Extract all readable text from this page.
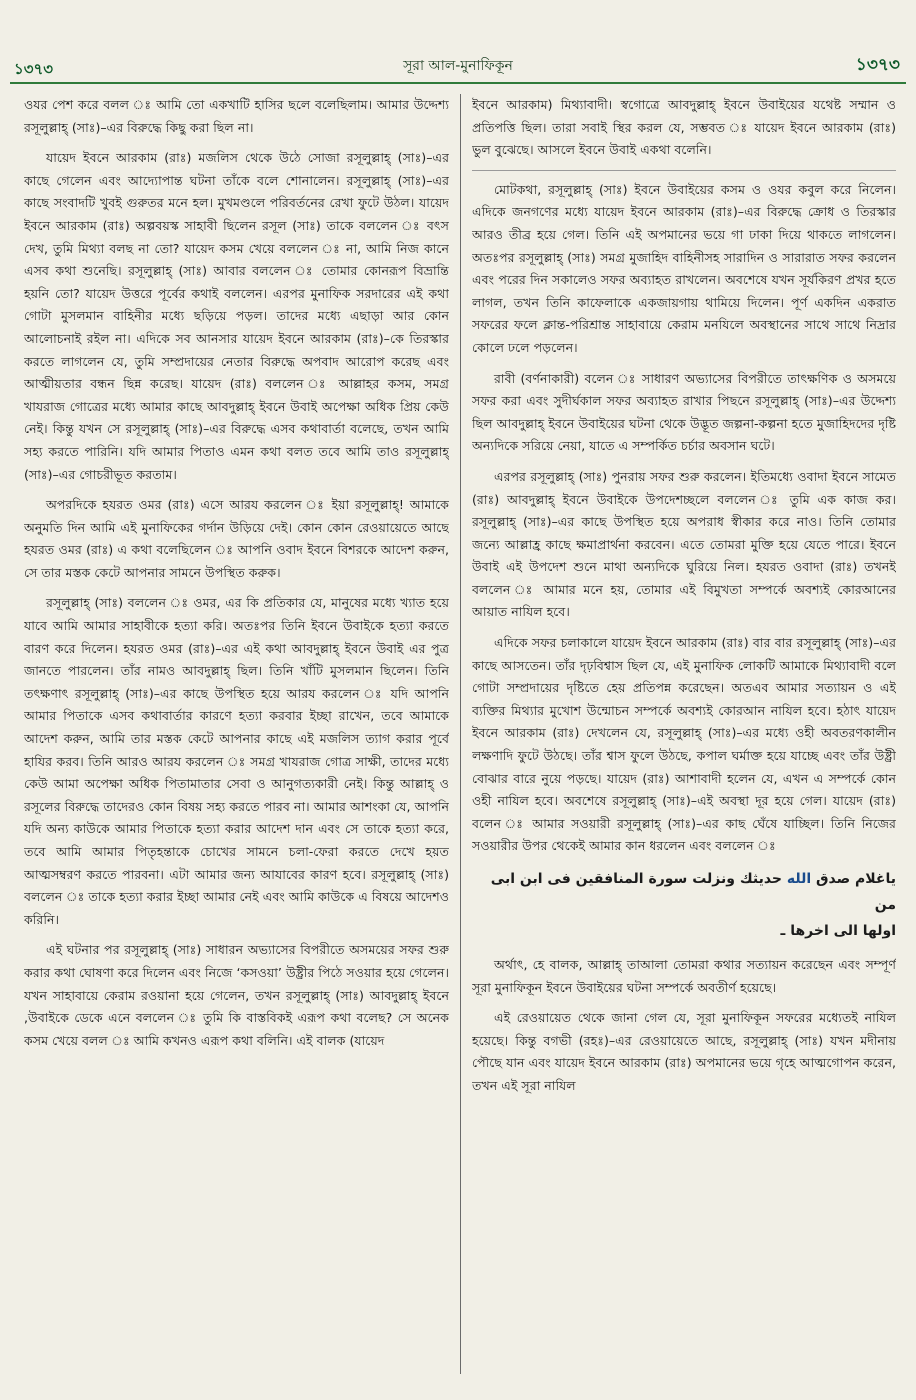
১৩৭৩	সূরা আল-মুনাফিকূন	১৩৭৩

ওযর পেশ করে বলল ঃ আমি তো একখাটি হাসির ছলে বলেছিলাম। আমার উদ্দেশ্য রসূলুল্লাহ্ (সাঃ)–এর বিরুদ্ধে কিছু করা ছিল না।

যায়েদ ইবনে আরকাম (রাঃ) মজলিস থেকে উঠে সোজা রসূলুল্লাহ্ (সাঃ)–এর কাছে গেলেন এবং আদ্যোপান্ত ঘটনা তাঁকে বলে শোনালেন। রসূলুল্লাহ্ (সাঃ)–এর কাছে সংবাদটি খুবই গুরুতর মনে হল। মুখমণ্ডলে পরিবর্তনের রেখা ফুটে উঠল। যায়েদ ইবনে আরকাম (রাঃ) অল্পবয়স্ক সাহাবী ছিলেন রসূল (সাঃ) তাকে বললেন ঃ বৎস দেখ, তুমি মিথ্যা বলছ না তো? যায়েদ কসম খেয়ে বললেন ঃ না, আমি নিজ কানে এসব কথা শুনেছি। রসূলুল্লাহ্ (সাঃ) আবার বললেন ঃ তোমার কোনরূপ বিভ্রান্তি হয়নি তো? যায়েদ উত্তরে পূর্বের কথাই বললেন। এরপর মুনাফিক সরদারের এই কথা গোটা মুসলমান বাহিনীর মধ্যে ছড়িয়ে পড়ল। তাদের মধ্যে এছাড়া আর কোন আলোচনাই রইল না। এদিকে সব আনসার যায়েদ ইবনে আরকাম (রাঃ)–কে তিরস্কার করতে লাগলেন যে, তুমি সম্প্রদায়ের নেতার বিরুদ্ধে অপবাদ আরোপ করেছ এবং আত্মীয়তার বন্ধন ছিন্ন করেছ। যায়েদ (রাঃ) বললেন ঃ আল্লাহর কসম, সমগ্র খাযরাজ গোত্রের মধ্যে আমার কাছে আবদুল্লাহ্ ইবনে উবাই অপেক্ষা অধিক প্রিয় কেউ নেই। কিন্তু যখন সে রসূলুল্লাহ্ (সাঃ)–এর বিরুদ্ধে এসব কথাবার্তা বলেছে, তখন আমি সহ্য করতে পারিনি। যদি আমার পিতাও এমন কথা বলত তবে আমি তাও রসূলুল্লাহ্ (সাঃ)–এর গোচরীভূত করতাম।

অপরদিকে হযরত ওমর (রাঃ) এসে আরয করলেন ঃ ইয়া রসূলুল্লাহ্! আমাকে অনুমতি দিন আমি এই মুনাফিকের গর্দান উড়িয়ে দেই। কোন কোন রেওয়ায়েতে আছে হযরত ওমর (রাঃ) এ কথা বলেছিলেন ঃ আপনি ওবাদ ইবনে বিশরকে আদেশ করুন, সে তার মস্তক কেটে আপনার সামনে উপস্থিত করুক।

রসূলুল্লাহ্ (সাঃ) বললেন ঃ ওমর, এর কি প্রতিকার যে, মানুষের মধ্যে খ্যাত হয়ে যাবে আমি আমার সাহাবীকে হত্যা করি। অতঃপর তিনি ইবনে উবাইকে হত্যা করতে বারণ করে দিলেন। হযরত ওমর (রাঃ)–এর এই কথা আবদুল্লাহ্ ইবনে উবাই এর পুত্র জানতে পারলেন। তাঁর নামও আবদুল্লাহ্ ছিল। তিনি খাঁটি মুসলমান ছিলেন। তিনি তৎক্ষণাৎ রসূলুল্লাহ্ (সাঃ)–এর কাছে উপস্থিত হয়ে আরয করলেন ঃ যদি আপনি আমার পিতাকে এসব কথাবার্তার কারণে হত্যা করবার ইচ্ছা রাখেন, তবে আমাকে আদেশ করুন, আমি তার মস্তক কেটে আপনার কাছে এই মজলিস ত্যাগ করার পূর্বে হাযির করব। তিনি আরও আরয করলেন ঃ সমগ্র খাযরাজ গোত্র সাক্ষী, তাদের মধ্যে কেউ আমা অপেক্ষা অধিক পিতামাতার সেবা ও আনুগত্যকারী নেই। কিন্তু আল্লাহ্ ও রসূলের বিরুদ্ধে তাদেরও কোন বিষয় সহ্য করতে পারব না। আমার আশংকা যে, আপনি যদি অন্য কাউকে আমার পিতাকে হত্যা করার আদেশ দান এবং সে তাকে হত্যা করে, তবে আমি আমার পিতৃহন্তাকে চোখের সামনে চলা-ফেরা করতে দেখে হয়ত আত্মসম্বরণ করতে পারবনা। এটা আমার জন্য আযাবের কারণ হবে। রসূলুল্লাহ্ (সাঃ) বললেন ঃ তাকে হত্যা করার ইচ্ছা আমার নেই এবং আমি কাউকে এ বিষয়ে আদেশও করিনি।

এই ঘটনার পর রসূলুল্লাহ্ (সাঃ) সাধারন অভ্যাসের বিপরীতে অসময়ের সফর শুরু করার কথা ঘোষণা করে দিলেন এবং নিজে ‘কসওয়া’ উষ্ট্রীর পিঠে সওয়ার হয়ে গেলেন। যখন সাহাবায়ে কেরাম রওয়ানা হয়ে গেলেন, তখন রসূলুল্লাহ্ (সাঃ) আবদুল্লাহ্ ইবনে ,উবাইকে ডেকে এনে বললেন ঃ তুমি কি বাস্তবিকই এরূপ কথা বলেছ? সে অনেক কসম খেয়ে বলল ঃ আমি কখনও এরূপ কথা বলিনি। এই বালক (যায়েদ

ইবনে আরকাম) মিথ্যাবাদী। স্বগোত্রে আবদুল্লাহ্ ইবনে উবাইয়ের যথেষ্ট সম্মান ও প্রতিপত্তি ছিল। তারা সবাই স্থির করল যে, সম্ভবত ঃ যায়েদ ইবনে আরকাম (রাঃ) ভুল বুঝেছে। আসলে ইবনে উবাই একথা বলেনি।

মোটকথা, রসূলুল্লাহ্ (সাঃ) ইবনে উবাইয়ের কসম ও ওযর কবুল করে নিলেন। এদিকে জনগণের মধ্যে যায়েদ ইবনে আরকাম (রাঃ)–এর বিরুদ্ধে ক্রোধ ও তিরস্কার আরও তীব্র হয়ে গেল। তিনি এই অপমানের ভয়ে গা ঢাকা দিয়ে থাকতে লাগলেন। অতঃপর রসূলুল্লাহ্ (সাঃ) সমগ্র মুজাহিদ বাহিনীসহ সারাদিন ও সারারাত সফর করলেন এবং পরের দিন সকালেও সফর অব্যাহত রাখলেন। অবশেষে যখন সূর্যকিরণ প্রখর হতে লাগল, তখন তিনি কাফেলাকে একজায়গায় থামিয়ে দিলেন। পূর্ণ একদিন একরাত সফরের ফলে ক্লান্ত-পরিশ্রান্ত সাহাবায়ে কেরাম মনযিলে অবস্থানের সাথে সাথে নিদ্রার কোলে ঢলে পড়লেন।

রাবী (বর্ণনাকারী) বলেন ঃ সাধারণ অভ্যাসের বিপরীতে তাৎক্ষণিক ও অসময়ে সফর করা এবং সুদীর্ঘকাল সফর অব্যাহত রাখার পিছনে রসূলুল্লাহ্ (সাঃ)–এর উদ্দেশ্য ছিল আবদুল্লাহ্ ইবনে উবাইয়ের ঘটনা থেকে উদ্ভূত জল্পনা-কল্পনা হতে মুজাহিদদের দৃষ্টি অন্যদিকে সরিয়ে নেয়া, যাতে এ সম্পর্কিত চর্চার অবসান ঘটে।

এরপর রসূলুল্লাহ্ (সাঃ) পুনরায় সফর শুরু করলেন। ইতিমধ্যে ওবাদা ইবনে সামেত (রাঃ) আবদুল্লাহ্ ইবনে উবাইকে উপদেশচ্ছলে বললেন ঃ তুমি এক কাজ কর। রসূলুল্লাহ্ (সাঃ)–এর কাছে উপস্থিত হয়ে অপরাধ স্বীকার করে নাও। তিনি তোমার জন্যে আল্লাহ্র কাছে ক্ষমাপ্রার্থনা করবেন। এতে তোমরা মুক্তি হয়ে যেতে পারে। ইবনে উবাই এই উপদেশ শুনে মাথা অন্যদিকে ঘুরিয়ে নিল। হযরত ওবাদা (রাঃ) তখনই বললেন ঃ আমার মনে হয়, তোমার এই বিমুখতা সম্পর্কে অবশ্যই কোরআনের আয়াত নাযিল হবে।

এদিকে সফর চলাকালে যায়েদ ইবনে আরকাম (রাঃ) বার বার রসূলুল্লাহ্ (সাঃ)–এর কাছে আসতেন। তাঁর দৃঢ়বিশ্বাস ছিল যে, এই মুনাফিক লোকটি আমাকে মিথ্যাবাদী বলে গোটা সম্প্রদায়ের দৃষ্টিতে হেয় প্রতিপন্ন করেছেন। অতএব আমার সত্যায়ন ও এই ব্যক্তির মিথ্যার মুখোশ উন্মোচন সম্পর্কে অবশ্যই কোরআন নাযিল হবে। হঠাৎ যায়েদ ইবনে আরকাম (রাঃ) দেখলেন যে, রসূলুল্লাহ্ (সাঃ)–এর মধ্যে ওহী অবতরণকালীন লক্ষণাদি ফুটে উঠছে। তাঁর শ্বাস ফুলে উঠছে, কপাল ঘর্মাক্ত হয়ে যাচ্ছে এবং তাঁর উষ্ট্রী বোঝার বারে নুয়ে পড়ছে। যায়েদ (রাঃ) আশাবাদী হলেন যে, এখন এ সম্পর্কে কোন ওহী নাযিল হবে। অবশেষে রসূলুল্লাহ্ (সাঃ)–এই অবস্থা দূর হয়ে গেল। যায়েদ (রাঃ) বলেন ঃ আমার সওয়ারী রসূলুল্লাহ্ (সাঃ)–এর কাছ ঘেঁষে যাচ্ছিল। তিনি নিজের সওয়ারীর উপর থেকেই আমার কান ধরলেন এবং বললেন ঃ

ياغلام صدق الله حديثك ونزلت سورة المنافقين فى ابن ابى من
اولها الى اخرها ـ

অর্থাৎ, হে বালক, আল্লাহ্ তাআলা তোমরা কথার সত্যায়ন করেছেন এবং সম্পূর্ণ সূরা মুনাফিকূন ইবনে উবাইয়ের ঘটনা সম্পর্কে অবতীর্ণ হয়েছে।

এই রেওয়ায়েত থেকে জানা গেল যে, সূরা মুনাফিকূন সফরের মধ্যেতই নাযিল হয়েছে। কিন্তু বগভী (রহঃ)–এর রেওয়ায়েতে আছে, রসূলুল্লাহ্ (সাঃ) যখন মদীনায় পৌছে যান এবং যায়েদ ইবনে আরকাম (রাঃ) অপমানের ভয়ে গৃহে আত্মগোপন করেন, তখন এই সূরা নাযিল
